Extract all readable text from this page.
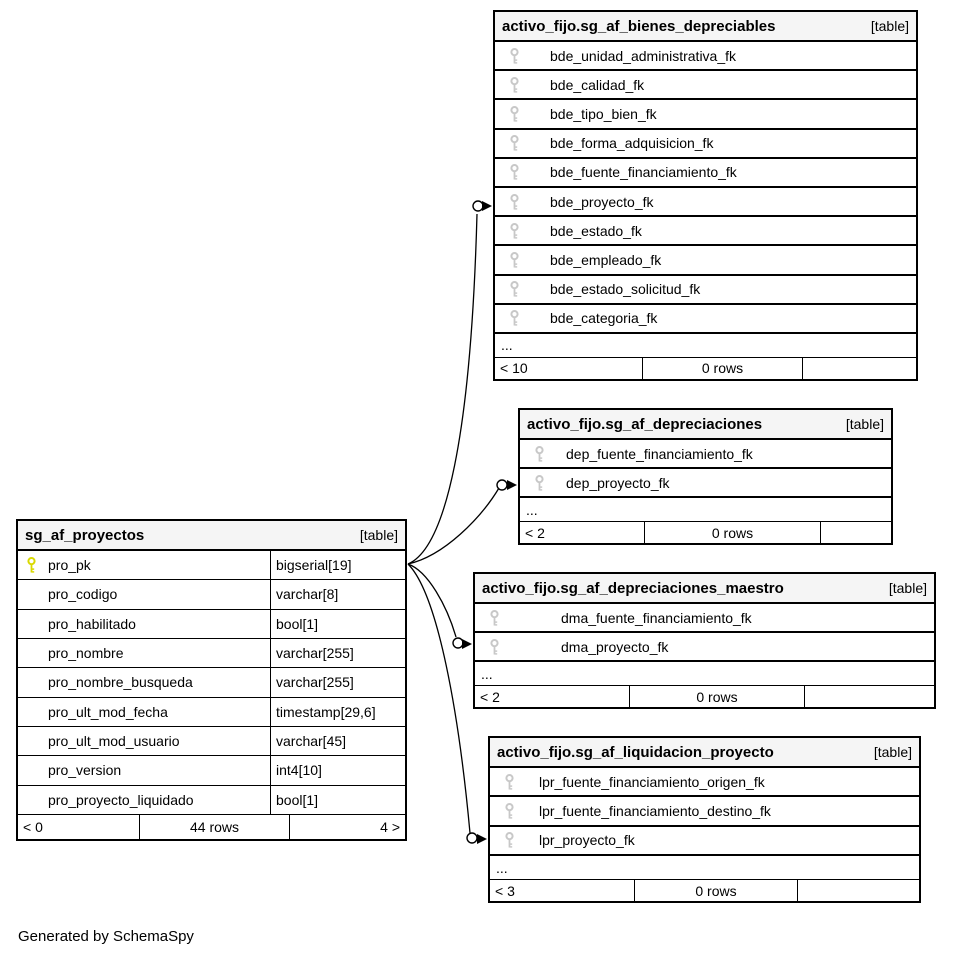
sg_af_proyectos	[table]
pro_pk	bigserial[19]
pro_codigo	varchar[8]
pro_habilitado	bool[1]
pro_nombre	varchar[255]
pro_nombre_busqueda	varchar[255]
pro_ult_mod_fecha	timestamp[29,6]
pro_ult_mod_usuario	varchar[45]
pro_version	int4[10]
pro_proyecto_liquidado	bool[1]
< 0	44 rows	4 >
activo_fijo.sg_af_bienes_depreciables	[table]
bde_unidad_administrativa_fk
bde_calidad_fk
bde_tipo_bien_fk
bde_forma_adquisicion_fk
bde_fuente_financiamiento_fk
bde_proyecto_fk
bde_estado_fk
bde_empleado_fk
bde_estado_solicitud_fk
bde_categoria_fk
...
< 10	0 rows
activo_fijo.sg_af_depreciaciones	[table]
dep_fuente_financiamiento_fk
dep_proyecto_fk
...
< 2	0 rows
activo_fijo.sg_af_depreciaciones_maestro	[table]
dma_fuente_financiamiento_fk
dma_proyecto_fk
...
< 2	0 rows
activo_fijo.sg_af_liquidacion_proyecto	[table]
lpr_fuente_financiamiento_origen_fk
lpr_fuente_financiamiento_destino_fk
lpr_proyecto_fk
...
< 3	0 rows
Generated by SchemaSpy
